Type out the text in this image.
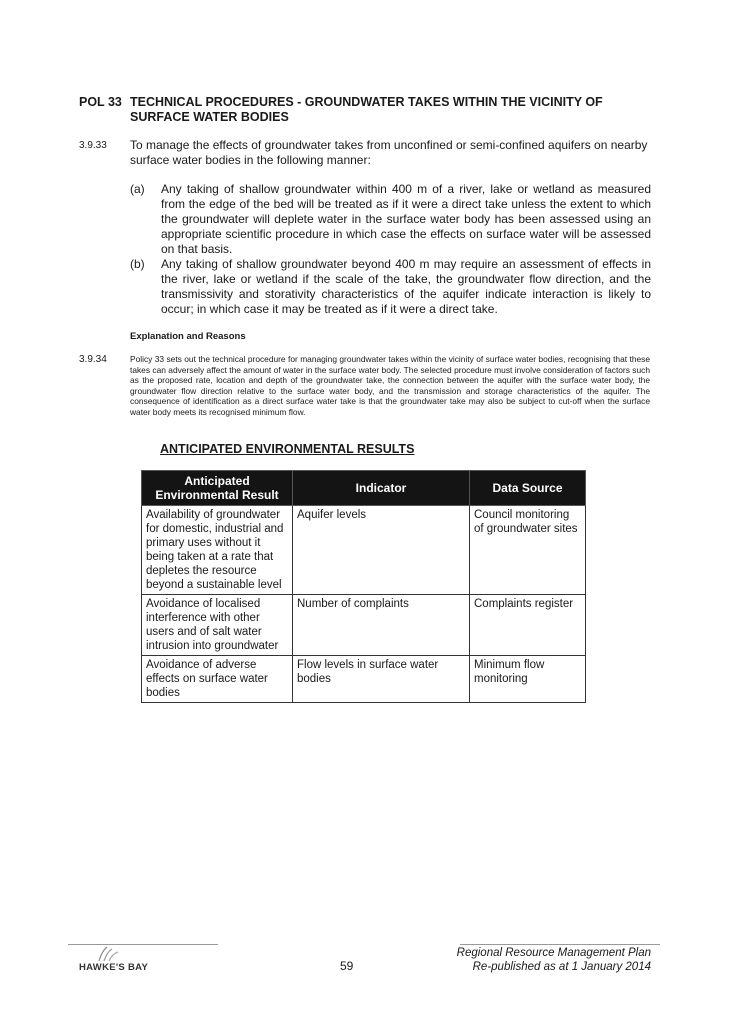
POL 33 TECHNICAL PROCEDURES - GROUNDWATER TAKES WITHIN THE VICINITY OF SURFACE WATER BODIES
3.9.33 To manage the effects of groundwater takes from unconfined or semi-confined aquifers on nearby surface water bodies in the following manner:
(a) Any taking of shallow groundwater within 400 m of a river, lake or wetland as measured from the edge of the bed will be treated as if it were a direct take unless the extent to which the groundwater will deplete water in the surface water body has been assessed using an appropriate scientific procedure in which case the effects on surface water will be assessed on that basis.
(b) Any taking of shallow groundwater beyond 400 m may require an assessment of effects in the river, lake or wetland if the scale of the take, the groundwater flow direction, and the transmissivity and storativity characteristics of the aquifer indicate interaction is likely to occur; in which case it may be treated as if it were a direct take.
Explanation and Reasons
3.9.34	Policy 33 sets out the technical procedure for managing groundwater takes within the vicinity of surface water bodies, recognising that these takes can adversely affect the amount of water in the surface water body. The selected procedure must involve consideration of factors such as the proposed rate, location and depth of the groundwater take, the connection between the aquifer with the surface water body, the groundwater flow direction relative to the surface water body, and the transmission and storage characteristics of the aquifer. The consequence of identification as a direct surface water take is that the groundwater take may also be subject to cut-off when the surface water body meets its recognised minimum flow.
ANTICIPATED ENVIRONMENTAL RESULTS
Anticipated Environmental Result	Indicator	Data Source
Availability of groundwater for domestic, industrial and primary uses without it being taken at a rate that depletes the resource beyond a sustainable level	Aquifer levels	Council monitoring of groundwater sites
Avoidance of localised interference with other users and of salt water intrusion into groundwater	Number of complaints	Complaints register
Avoidance of adverse effects on surface water bodies	Flow levels in surface water bodies	Minimum flow monitoring
HAWKE'S BAY	59
Regional Resource Management Plan
Re-published as at 1 January 2014
